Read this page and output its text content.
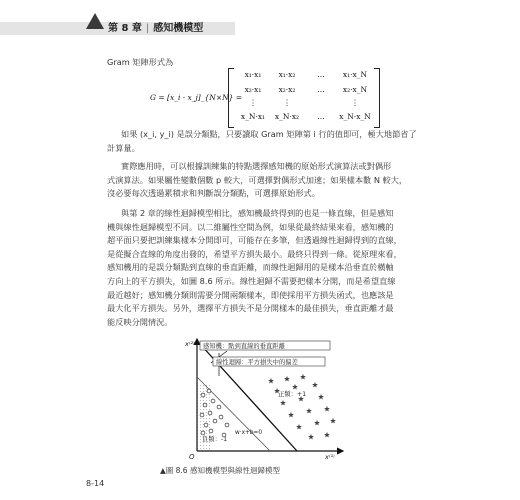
第 8 章 | 感知機模型
Gram 矩陣形式為
G = [x_i · x_j]_{N×N} =
x₁·x₁ x₁·x₂	… x₁·x_N
x₂·x₁ x₂·x₂	… x₂·x_N
⋮	⋮	⋮
x_N·x₁ x_N·x₂ … x_N·x_N
如果 (x_i, y_i) 是誤分類點，只要讀取 Gram 矩陣第 i 行的值即可，極大地節省了
計算量。
實際應用時，可以根據訓練集的特點選擇感知機的原始形式演算法或對偶形
式演算法。如果屬性變數個數 p 較大，可選擇對偶形式加速；如果樣本數 N 較大，
沒必要每次透過累積求和判斷誤分類點，可選擇原始形式。
與第 2 章的線性迴歸模型相比，感知機最終得到的也是一條直線，但是感知
機與線性迴歸模型不同。以二維屬性空間為例，如果從最終結果來看，感知機的
超平面只要把訓練集樣本分開即可，可能存在多筆，但透過線性迴歸得到的直線，
是從擬合直線的角度出發的，希望平方損失最小。最終只得到一條。從原理來看，
感知機用的是誤分類點到直線的垂直距離，而線性迴歸用的是樣本沿垂直於橫軸
方向上的平方損失，如圖 8.6 所示。線性迴歸不需要把樣本分開，而是希望直線
最近越好；感知機分類則需要分開兩類樣本，即使採用平方損失函式，也應該是
最大化平方損失。另外，選擇平方損失不是分開樣本的最佳損失，垂直距離才最
能反映分開情況。
感知機：點到直線的垂直距離
線性迴歸：平方損失中的偏差
正類：+1
負類：-1
w·x+b=0
x⁽²⁾
x⁽¹⁾
O
▲圖 8.6 感知機模型與線性迴歸模型
8-14
